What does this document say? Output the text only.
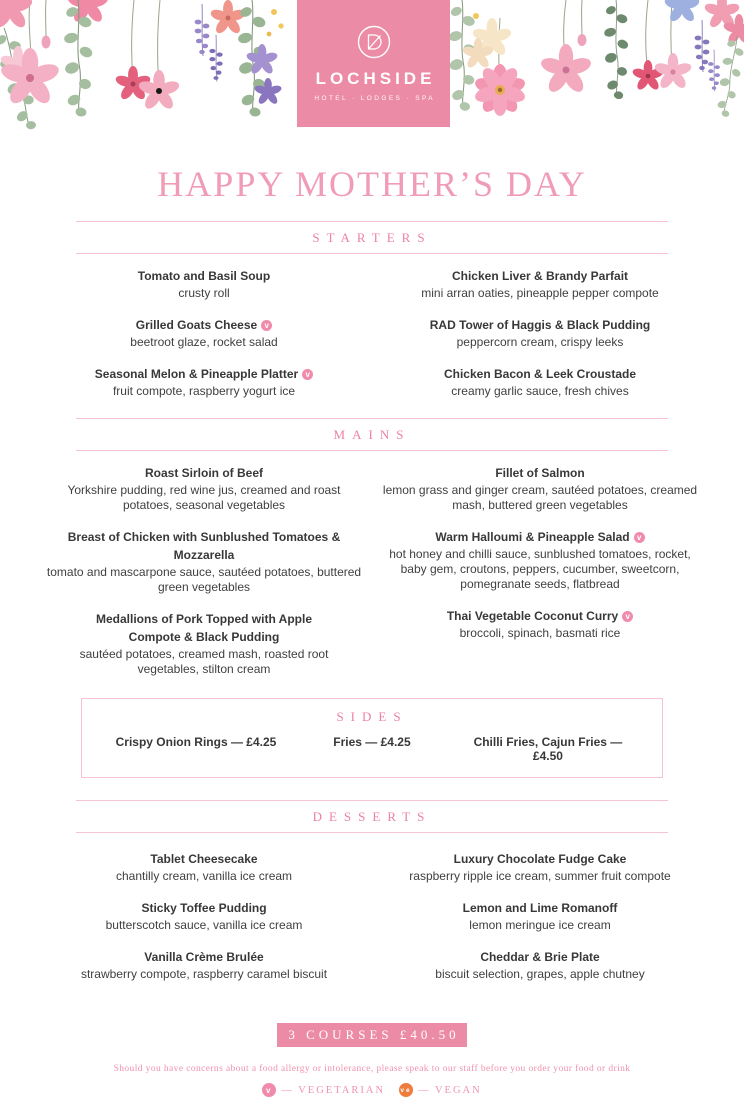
LOCHSIDE
HOTEL · LODGES · SPA
HAPPY MOTHER’S DAY
STARTERS
Tomato and Basil Soup
crusty roll
Grilled Goats Cheese v
beetroot glaze, rocket salad
Seasonal Melon & Pineapple Platter v
fruit compote, raspberry yogurt ice
Chicken Liver & Brandy Parfait
mini arran oaties, pineapple pepper compote
RAD Tower of Haggis & Black Pudding
peppercorn cream, crispy leeks
Chicken Bacon & Leek Croustade
creamy garlic sauce, fresh chives
MAINS
Roast Sirloin of Beef
Yorkshire pudding, red wine jus, creamed and roast potatoes, seasonal vegetables
Breast of Chicken with Sunblushed Tomatoes & Mozzarella
tomato and mascarpone sauce, sautéed potatoes, buttered green vegetables
Medallions of Pork Topped with Apple Compote & Black Pudding
sautéed potatoes, creamed mash, roasted root vegetables, stilton cream
Fillet of Salmon
lemon grass and ginger cream, sautéed potatoes, creamed mash, buttered green vegetables
Warm Halloumi & Pineapple Salad v
hot honey and chilli sauce, sunblushed tomatoes, rocket, baby gem, croutons, peppers, cucumber, sweetcorn, pomegranate seeds, flatbread
Thai Vegetable Coconut Curry v
broccoli, spinach, basmati rice
SIDES
Crispy Onion Rings — £4.25	Fries — £4.25	Chilli Fries, Cajun Fries — £4.50
DESSERTS
Tablet Cheesecake
chantilly cream, vanilla ice cream
Sticky Toffee Pudding
butterscotch sauce, vanilla ice cream
Vanilla Crème Brulée
strawberry compote, raspberry caramel biscuit
Luxury Chocolate Fudge Cake
raspberry ripple ice cream, summer fruit compote
Lemon and Lime Romanoff
lemon meringue ice cream
Cheddar & Brie Plate
biscuit selection, grapes, apple chutney
3 COURSES £40.50
Should you have concerns about a food allergy or intolerance, please speak to our staff before you order your food or drink
v — VEGETARIAN ve — VEGAN
